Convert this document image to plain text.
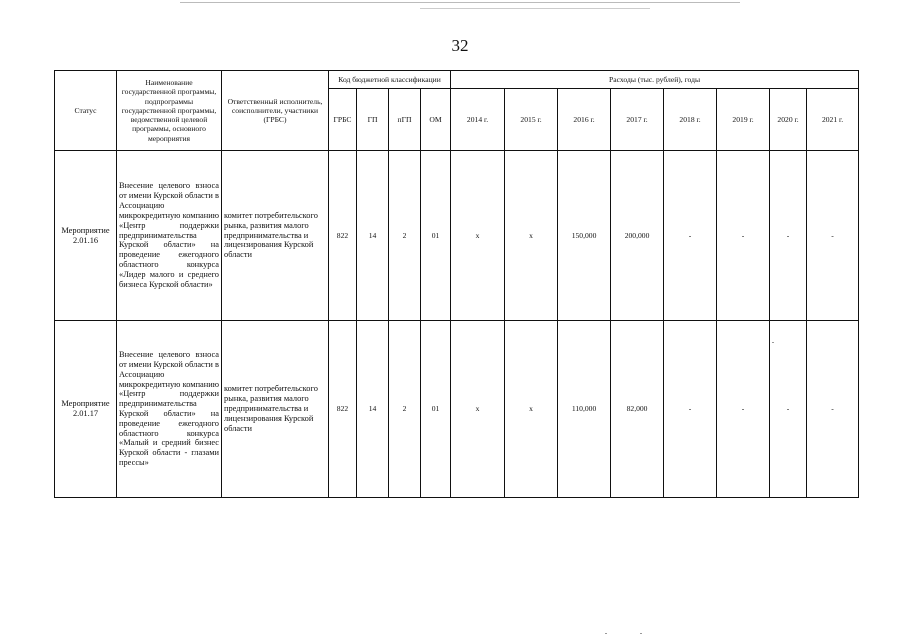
32
Статус	Наименование государственной программы, подпрограммы государственной программы, ведомственной целевой программы, основного мероприятия	Ответственный исполнитель, соисполнители, участники (ГРБС)	Код бюджетной классификации				Расходы (тыс. рублей), годы							
			ГРБС	ГП	пГП	ОМ	2014 г.	2015 г.	2016 г.	2017 г.	2018 г.	2019 г.	2020 г.	2021 г.
Мероприятие 2.01.16	Внесение целевого взноса от имени Курской области в Ассоциацию микрокредитную компанию «Центр поддержки предпринимательства Курской области» на проведение ежегодного областного конкурса «Лидер малого и среднего бизнеса Курской области»	комитет потребительского рынка, развития малого предпринимательства и лицензирования Курской области	822	14	2	01	x	x	150,000	200,000	-	-	-	-
Мероприятие 2.01.17	Внесение целевого взноса от имени Курской области в Ассоциацию микрокредитную компанию «Центр поддержки предпринимательства Курской области» на проведение ежегодного областного конкурса «Малый и средний бизнес Курской области - глазами прессы»	комитет потребительского рынка, развития малого предпринимательства и лицензирования Курской области	822	14	2	01	x	x	110,000	82,000	-	-	-	-
